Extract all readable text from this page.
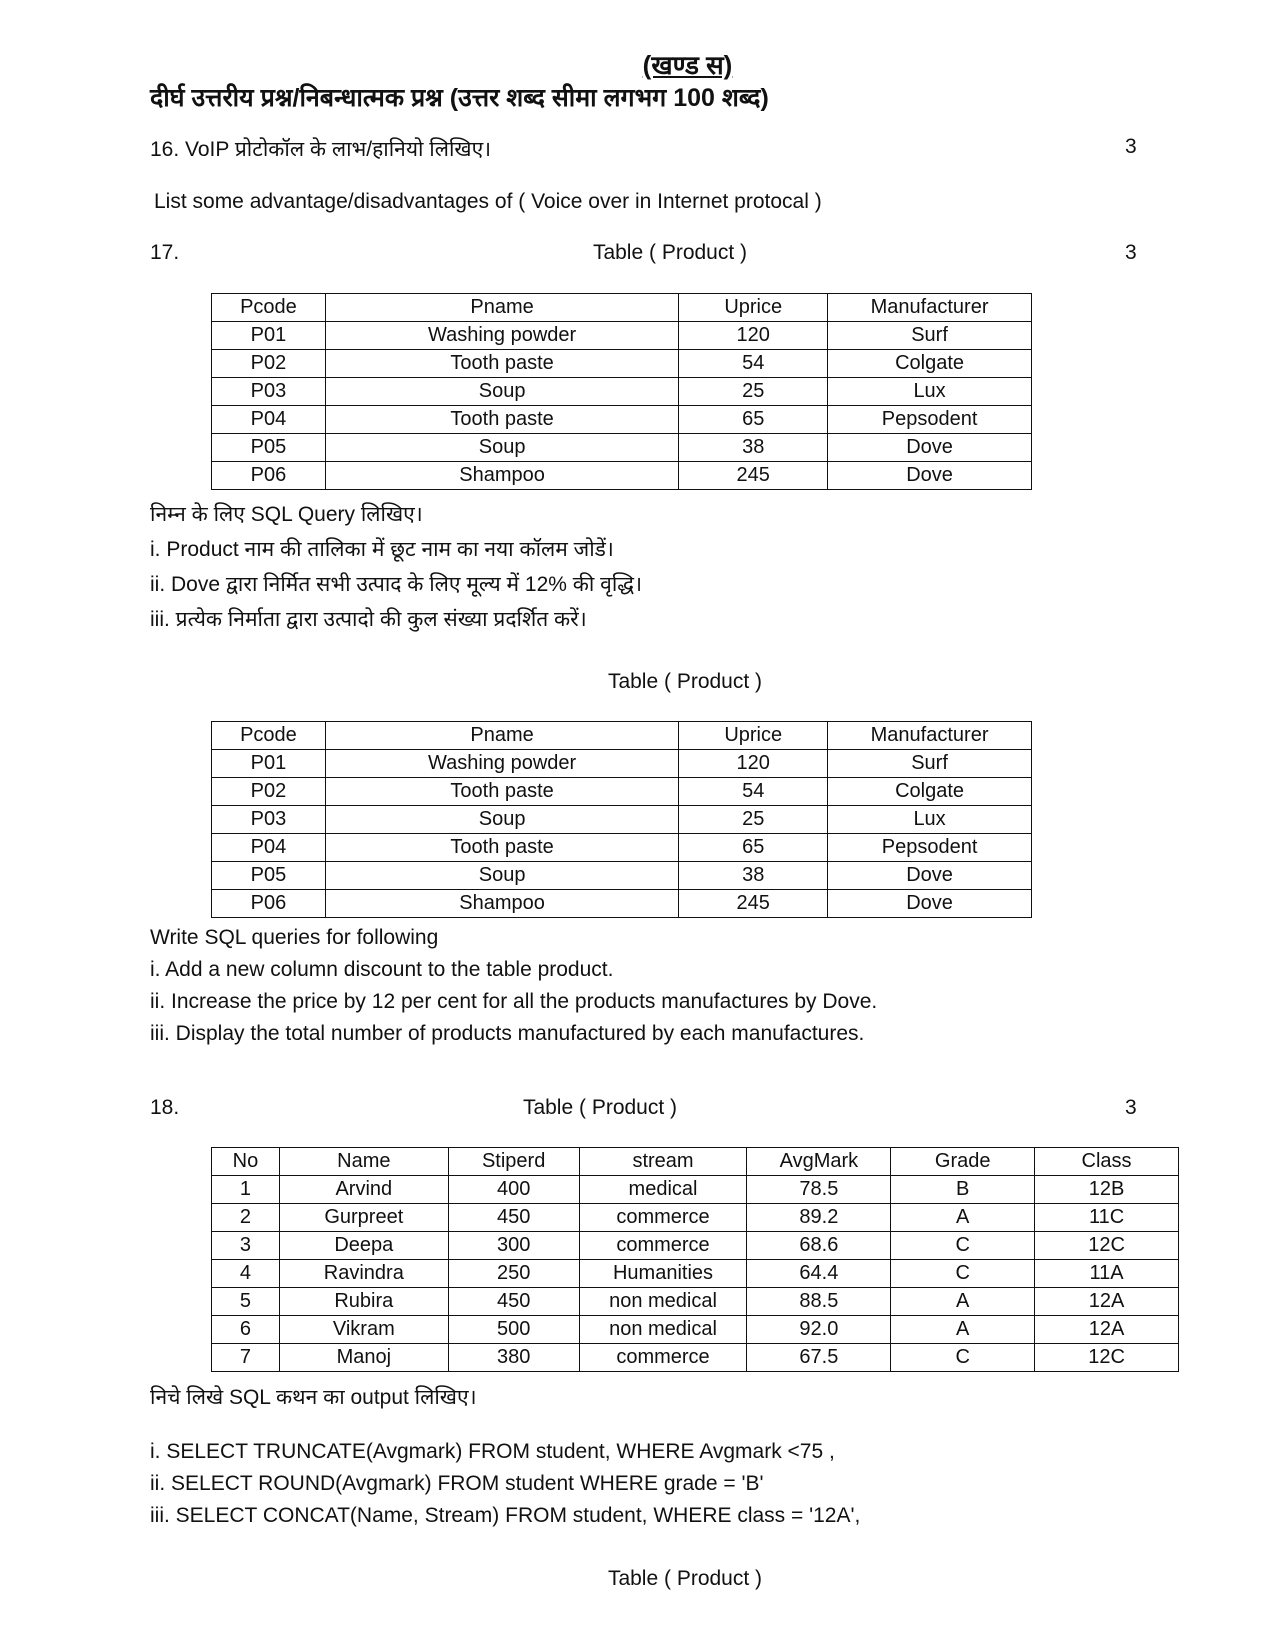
(खण्ड स)
दीर्घ उत्तरीय प्रश्न/निबन्धात्मक प्रश्न (उत्तर शब्द सीमा लगभग 100 शब्द)
16. VoIP प्रोटोकॉल के लाभ/हानियो लिखिए।	3
List some advantage/disadvantages of ( Voice over in Internet protocal )
17.	Table ( Product )	3
Pcode	Pname	Uprice	Manufacturer
P01	Washing powder	120	Surf
P02	Tooth paste	54	Colgate
P03	Soup	25	Lux
P04	Tooth paste	65	Pepsodent
P05	Soup	38	Dove
P06	Shampoo	245	Dove
निम्न के लिए SQL Query लिखिए।
i. Product नाम की तालिका में छूट नाम का नया कॉलम जोडें।
ii. Dove द्वारा निर्मित सभी उत्पाद के लिए मूल्य में 12% की वृद्धि।
iii. प्रत्येक निर्माता द्वारा उत्पादो की कुल संख्या प्रदर्शित करें।
Table ( Product )
Pcode	Pname	Uprice	Manufacturer
P01	Washing powder	120	Surf
P02	Tooth paste	54	Colgate
P03	Soup	25	Lux
P04	Tooth paste	65	Pepsodent
P05	Soup	38	Dove
P06	Shampoo	245	Dove
Write SQL queries for following
i. Add a new column discount to the table product.
ii. Increase the price by 12 per cent for all the products manufactures by Dove.
iii. Display the total number of products manufactured by each manufactures.
18.	Table ( Product )	3
No	Name	Stiperd	stream	AvgMark	Grade	Class
1	Arvind	400	medical	78.5	B	12B
2	Gurpreet	450	commerce	89.2	A	11C
3	Deepa	300	commerce	68.6	C	12C
4	Ravindra	250	Humanities	64.4	C	11A
5	Rubira	450	non medical	88.5	A	12A
6	Vikram	500	non medical	92.0	A	12A
7	Manoj	380	commerce	67.5	C	12C
निचे लिखे SQL कथन का output लिखिए।
i. SELECT TRUNCATE(Avgmark) FROM student, WHERE Avgmark <75 ,
ii. SELECT ROUND(Avgmark) FROM student WHERE grade = 'B'
iii. SELECT CONCAT(Name, Stream) FROM student, WHERE class = '12A',
Table ( Product )
